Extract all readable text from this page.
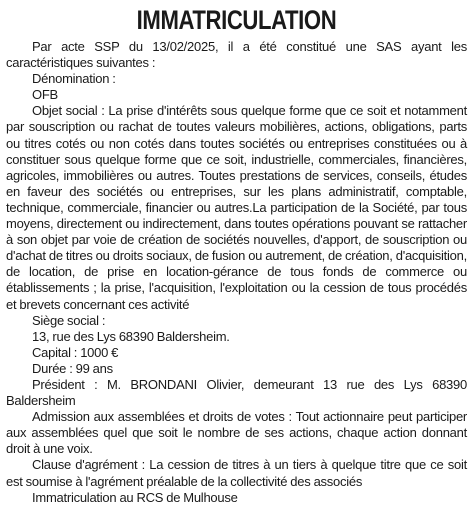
IMMATRICULATION

Par acte SSP du 13/02/2025, il a été constitué une SAS ayant les caractéristiques suivantes :

Dénomination :

OFB

Objet social : La prise d'intérêts sous quelque forme que ce soit et notamment par souscription ou rachat de toutes valeurs mobilières, actions, obligations, parts ou titres cotés ou non cotés dans toutes sociétés ou entreprises constituées ou à constituer sous quelque forme que ce soit, industrielle, commerciales, financières, agricoles, immobilières ou autres. Toutes prestations de services, conseils, études en faveur des sociétés ou entreprises, sur les plans administratif, comptable, technique, commerciale, financier ou autres.La participation de la Société, par tous moyens, directement ou indirectement, dans toutes opérations pouvant se rattacher à son objet par voie de création de sociétés nouvelles, d'apport, de souscription ou d'achat de titres ou droits sociaux, de fusion ou autrement, de création, d'acquisition, de location, de prise en location-gérance de tous fonds de commerce ou établissements ; la prise, l'acquisition, l'exploitation ou la cession de tous procédés et brevets concernant ces activité

Siège social :

13, rue des Lys 68390 Baldersheim.

Capital : 1000 €

Durée : 99 ans

Président : M. BRONDANI Olivier, demeurant 13 rue des Lys 68390 Baldersheim

Admission aux assemblées et droits de votes : Tout actionnaire peut participer aux assemblées quel que soit le nombre de ses actions, chaque action donnant droit à une voix.

Clause d'agrément : La cession de titres à un tiers à quelque titre que ce soit est soumise à l'agrément préalable de la collectivité des associés

Immatriculation au RCS de Mulhouse
